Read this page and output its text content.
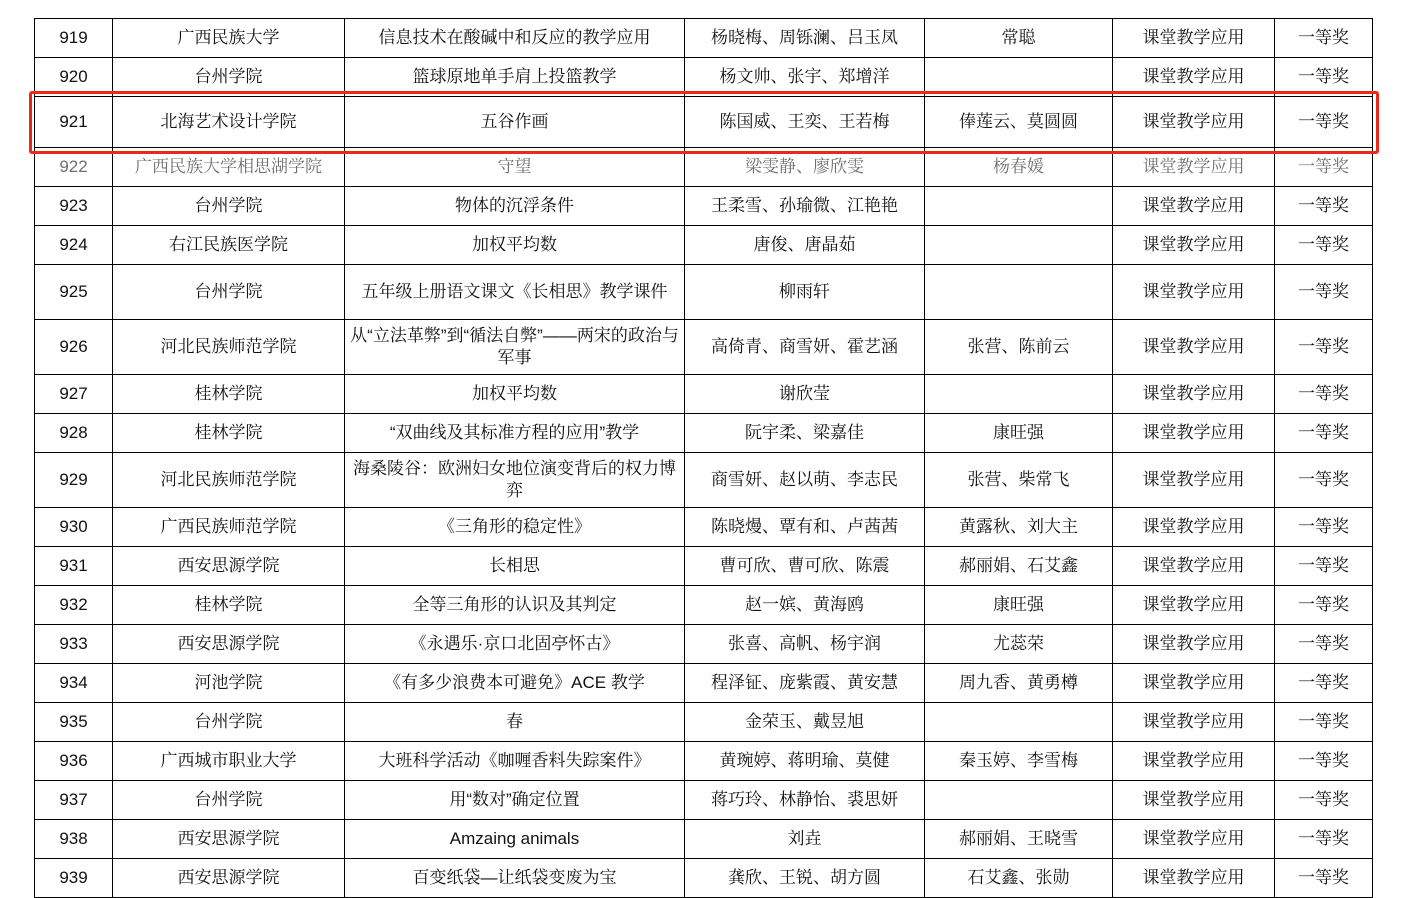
919	广西民族大学	信息技术在酸碱中和反应的教学应用	杨晓梅、周铄澜、吕玉凤	常聪	课堂教学应用	一等奖
920	台州学院	篮球原地单手肩上投篮教学	杨文帅、张宇、郑增洋		课堂教学应用	一等奖
921	北海艺术设计学院	五谷作画	陈国威、王奕、王若梅	俸莲云、莫圆圆	课堂教学应用	一等奖
922	广西民族大学相思湖学院	守望	梁雯静、廖欣雯	杨春媛	课堂教学应用	一等奖
923	台州学院	物体的沉浮条件	王柔雪、孙瑜微、江艳艳		课堂教学应用	一等奖
924	右江民族医学院	加权平均数	唐俊、唐晶茹		课堂教学应用	一等奖
925	台州学院	五年级上册语文课文《长相思》教学课件	柳雨轩		课堂教学应用	一等奖
926	河北民族师范学院	从“立法革弊”到“循法自弊”——两宋的政治与军事	高倚青、商雪妍、霍艺涵	张营、陈前云	课堂教学应用	一等奖
927	桂林学院	加权平均数	谢欣莹		课堂教学应用	一等奖
928	桂林学院	“双曲线及其标准方程的应用”教学	阮宇柔、梁嘉佳	康旺强	课堂教学应用	一等奖
929	河北民族师范学院	海桑陵谷：欧洲妇女地位演变背后的权力博弈	商雪妍、赵以萌、李志民	张营、柴常飞	课堂教学应用	一等奖
930	广西民族师范学院	《三角形的稳定性》	陈晓熳、覃有和、卢茜茜	黄露秋、刘大主	课堂教学应用	一等奖
931	西安思源学院	长相思	曹可欣、曹可欣、陈震	郝丽娟、石艾鑫	课堂教学应用	一等奖
932	桂林学院	全等三角形的认识及其判定	赵一嫔、黄海鸥	康旺强	课堂教学应用	一等奖
933	西安思源学院	《永遇乐·京口北固亭怀古》	张喜、高帆、杨宇润	尤蕊荣	课堂教学应用	一等奖
934	河池学院	《有多少浪费本可避免》ACE 教学	程泽钲、庞紫霞、黄安慧	周九香、黄勇樽	课堂教学应用	一等奖
935	台州学院	春	金荣玉、戴昱旭		课堂教学应用	一等奖
936	广西城市职业大学	大班科学活动《咖喱香料失踪案件》	黄琬婷、蒋明瑜、莫健	秦玉婷、李雪梅	课堂教学应用	一等奖
937	台州学院	用“数对”确定位置	蒋巧玲、林静怡、裘思妍		课堂教学应用	一等奖
938	西安思源学院	Amzaing animals	刘垚	郝丽娟、王晓雪	课堂教学应用	一等奖
939	西安思源学院	百变纸袋—让纸袋变废为宝	龚欣、王锐、胡方圆	石艾鑫、张勋	课堂教学应用	一等奖
